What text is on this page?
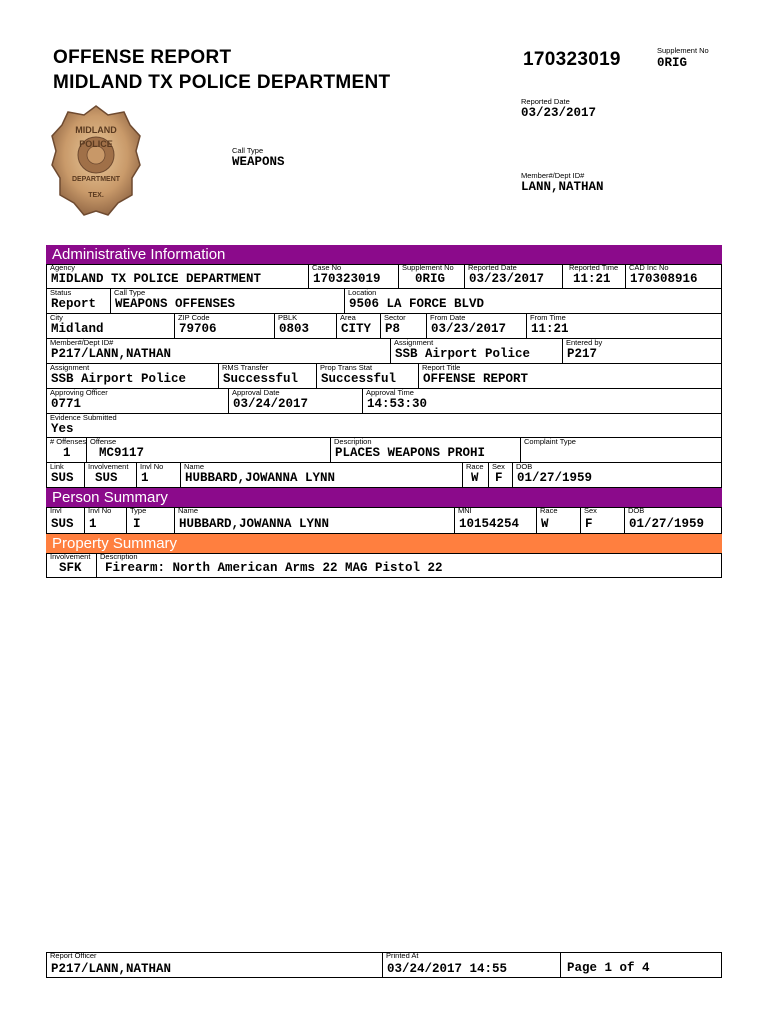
OFFENSE REPORT
MIDLAND TX POLICE DEPARTMENT
170323019	Supplement No
0RIG
MIDLAND
POLICE
DEPARTMENT
TEX.
Reported Date
03/23/2017
Call Type
WEAPONS
Member#/Dept ID#
LANN,NATHAN
Administrative Information
Agency
MIDLAND TX POLICE DEPARTMENT
Case No
170323019
Supplement No
0RIG
Reported Date
03/23/2017
Reported Time
11:21
CAD Inc No
170308916
Status
Report
Call Type
WEAPONS OFFENSES
Location
9506 LA FORCE BLVD
City
Midland
ZIP Code
79706
PBLK
0803
Area
CITY
Sector
P8
From Date
03/23/2017
From Time
11:21
Member#/Dept ID#
P217/LANN,NATHAN
Assignment
SSB Airport Police
Entered by
P217
Assignment
SSB Airport Police
RMS Transfer
Successful
Prop Trans Stat
Successful
Report Title
OFFENSE REPORT
Approving Officer
0771
Approval Date
03/24/2017
Approval Time
14:53:30
Evidence Submitted
Yes
# Offenses
1
Offense
MC9117
Description
PLACES WEAPONS PROHI
Complaint Type
Link
SUS
Involvement
SUS
Invl No
1
Name
HUBBARD,JOWANNA LYNN
Race
W
Sex
F
DOB
01/27/1959
Person Summary
Invl
SUS
Invl No
1
Type
I
Name
HUBBARD,JOWANNA LYNN
MNI
10154254
Race
W
Sex
F
DOB
01/27/1959
Property Summary
Involvement
SFK
Description
Firearm: North American Arms 22 MAG Pistol 22
Report Officer
P217/LANN,NATHAN
Printed At
03/24/2017 14:55	Page 1 of 4
